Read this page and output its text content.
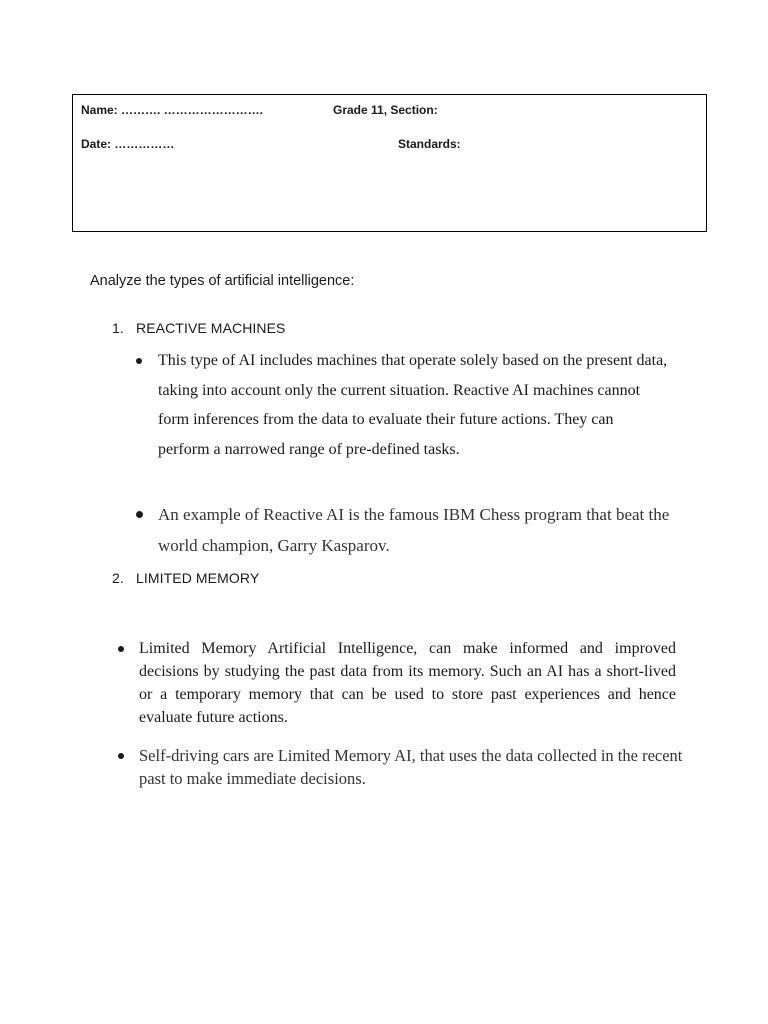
Name: ………. …………………….	Grade 11, Section:
Date: ……………	Standards:
Analyze the types of artificial intelligence:
1. REACTIVE MACHINES

This type of AI includes machines that operate solely based on the present data, taking into account only the current situation. Reactive AI machines cannot form inferences from the data to evaluate their future actions. They can perform a narrowed range of pre-defined tasks.

An example of Reactive AI is the famous IBM Chess program that beat the world champion, Garry Kasparov.

2. LIMITED MEMORY

Limited Memory Artificial Intelligence, can make informed and improved decisions by studying the past data from its memory. Such an AI has a short-lived or a temporary memory that can be used to store past experiences and hence evaluate future actions.

Self-driving cars are Limited Memory AI, that uses the data collected in the recent past to make immediate decisions.
